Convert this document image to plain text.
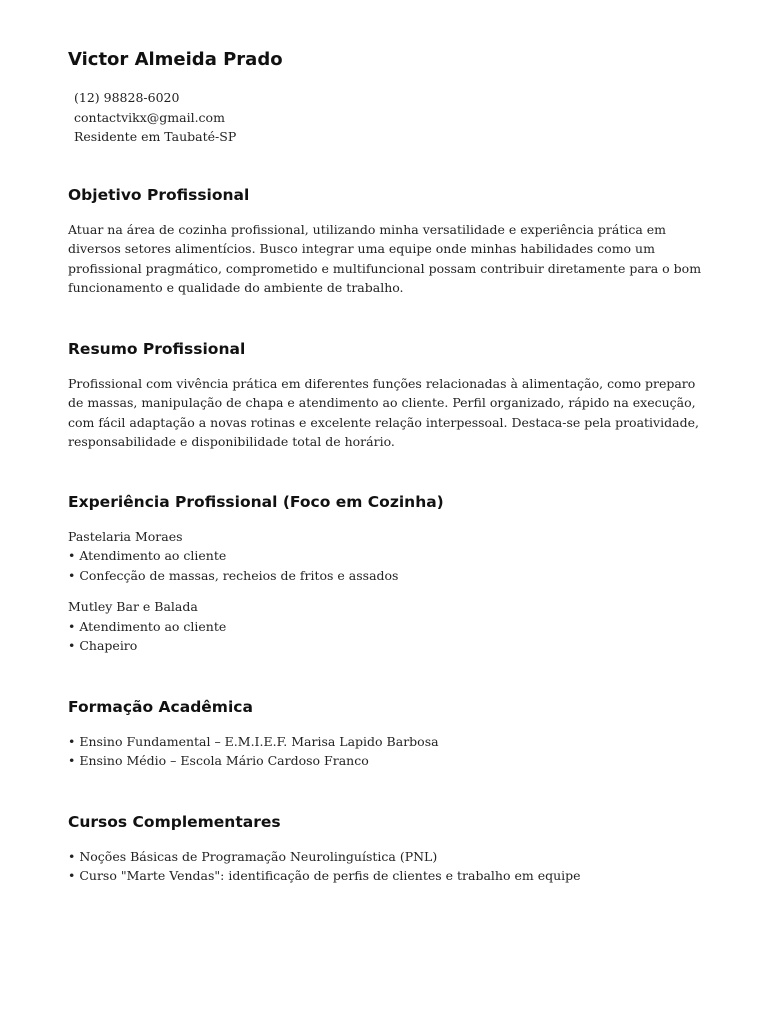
Victor Almeida Prado
(12) 98828-6020
contactvikx@gmail.com
Residente em Taubaté-SP
Objetivo Profissional

Atuar na área de cozinha profissional, utilizando minha versatilidade e experiência prática em diversos setores alimentícios. Busco integrar uma equipe onde minhas habilidades como um profissional pragmático, comprometido e multifuncional possam contribuir diretamente para o bom funcionamento e qualidade do ambiente de trabalho.

Resumo Profissional

Profissional com vivência prática em diferentes funções relacionadas à alimentação, como preparo de massas, manipulação de chapa e atendimento ao cliente. Perfil organizado, rápido na execução, com fácil adaptação a novas rotinas e excelente relação interpessoal. Destaca-se pela proatividade, responsabilidade e disponibilidade total de horário.

Experiência Profissional (Foco em Cozinha)
Pastelaria Moraes
• Atendimento ao cliente
• Confecção de massas, recheios de fritos e assados
Mutley Bar e Balada
• Atendimento ao cliente
• Chapeiro
Formação Acadêmica
• Ensino Fundamental – E.M.I.E.F. Marisa Lapido Barbosa
• Ensino Médio – Escola Mário Cardoso Franco
Cursos Complementares
• Noções Básicas de Programação Neurolinguística (PNL)
• Curso "Marte Vendas": identificação de perfis de clientes e trabalho em equipe
